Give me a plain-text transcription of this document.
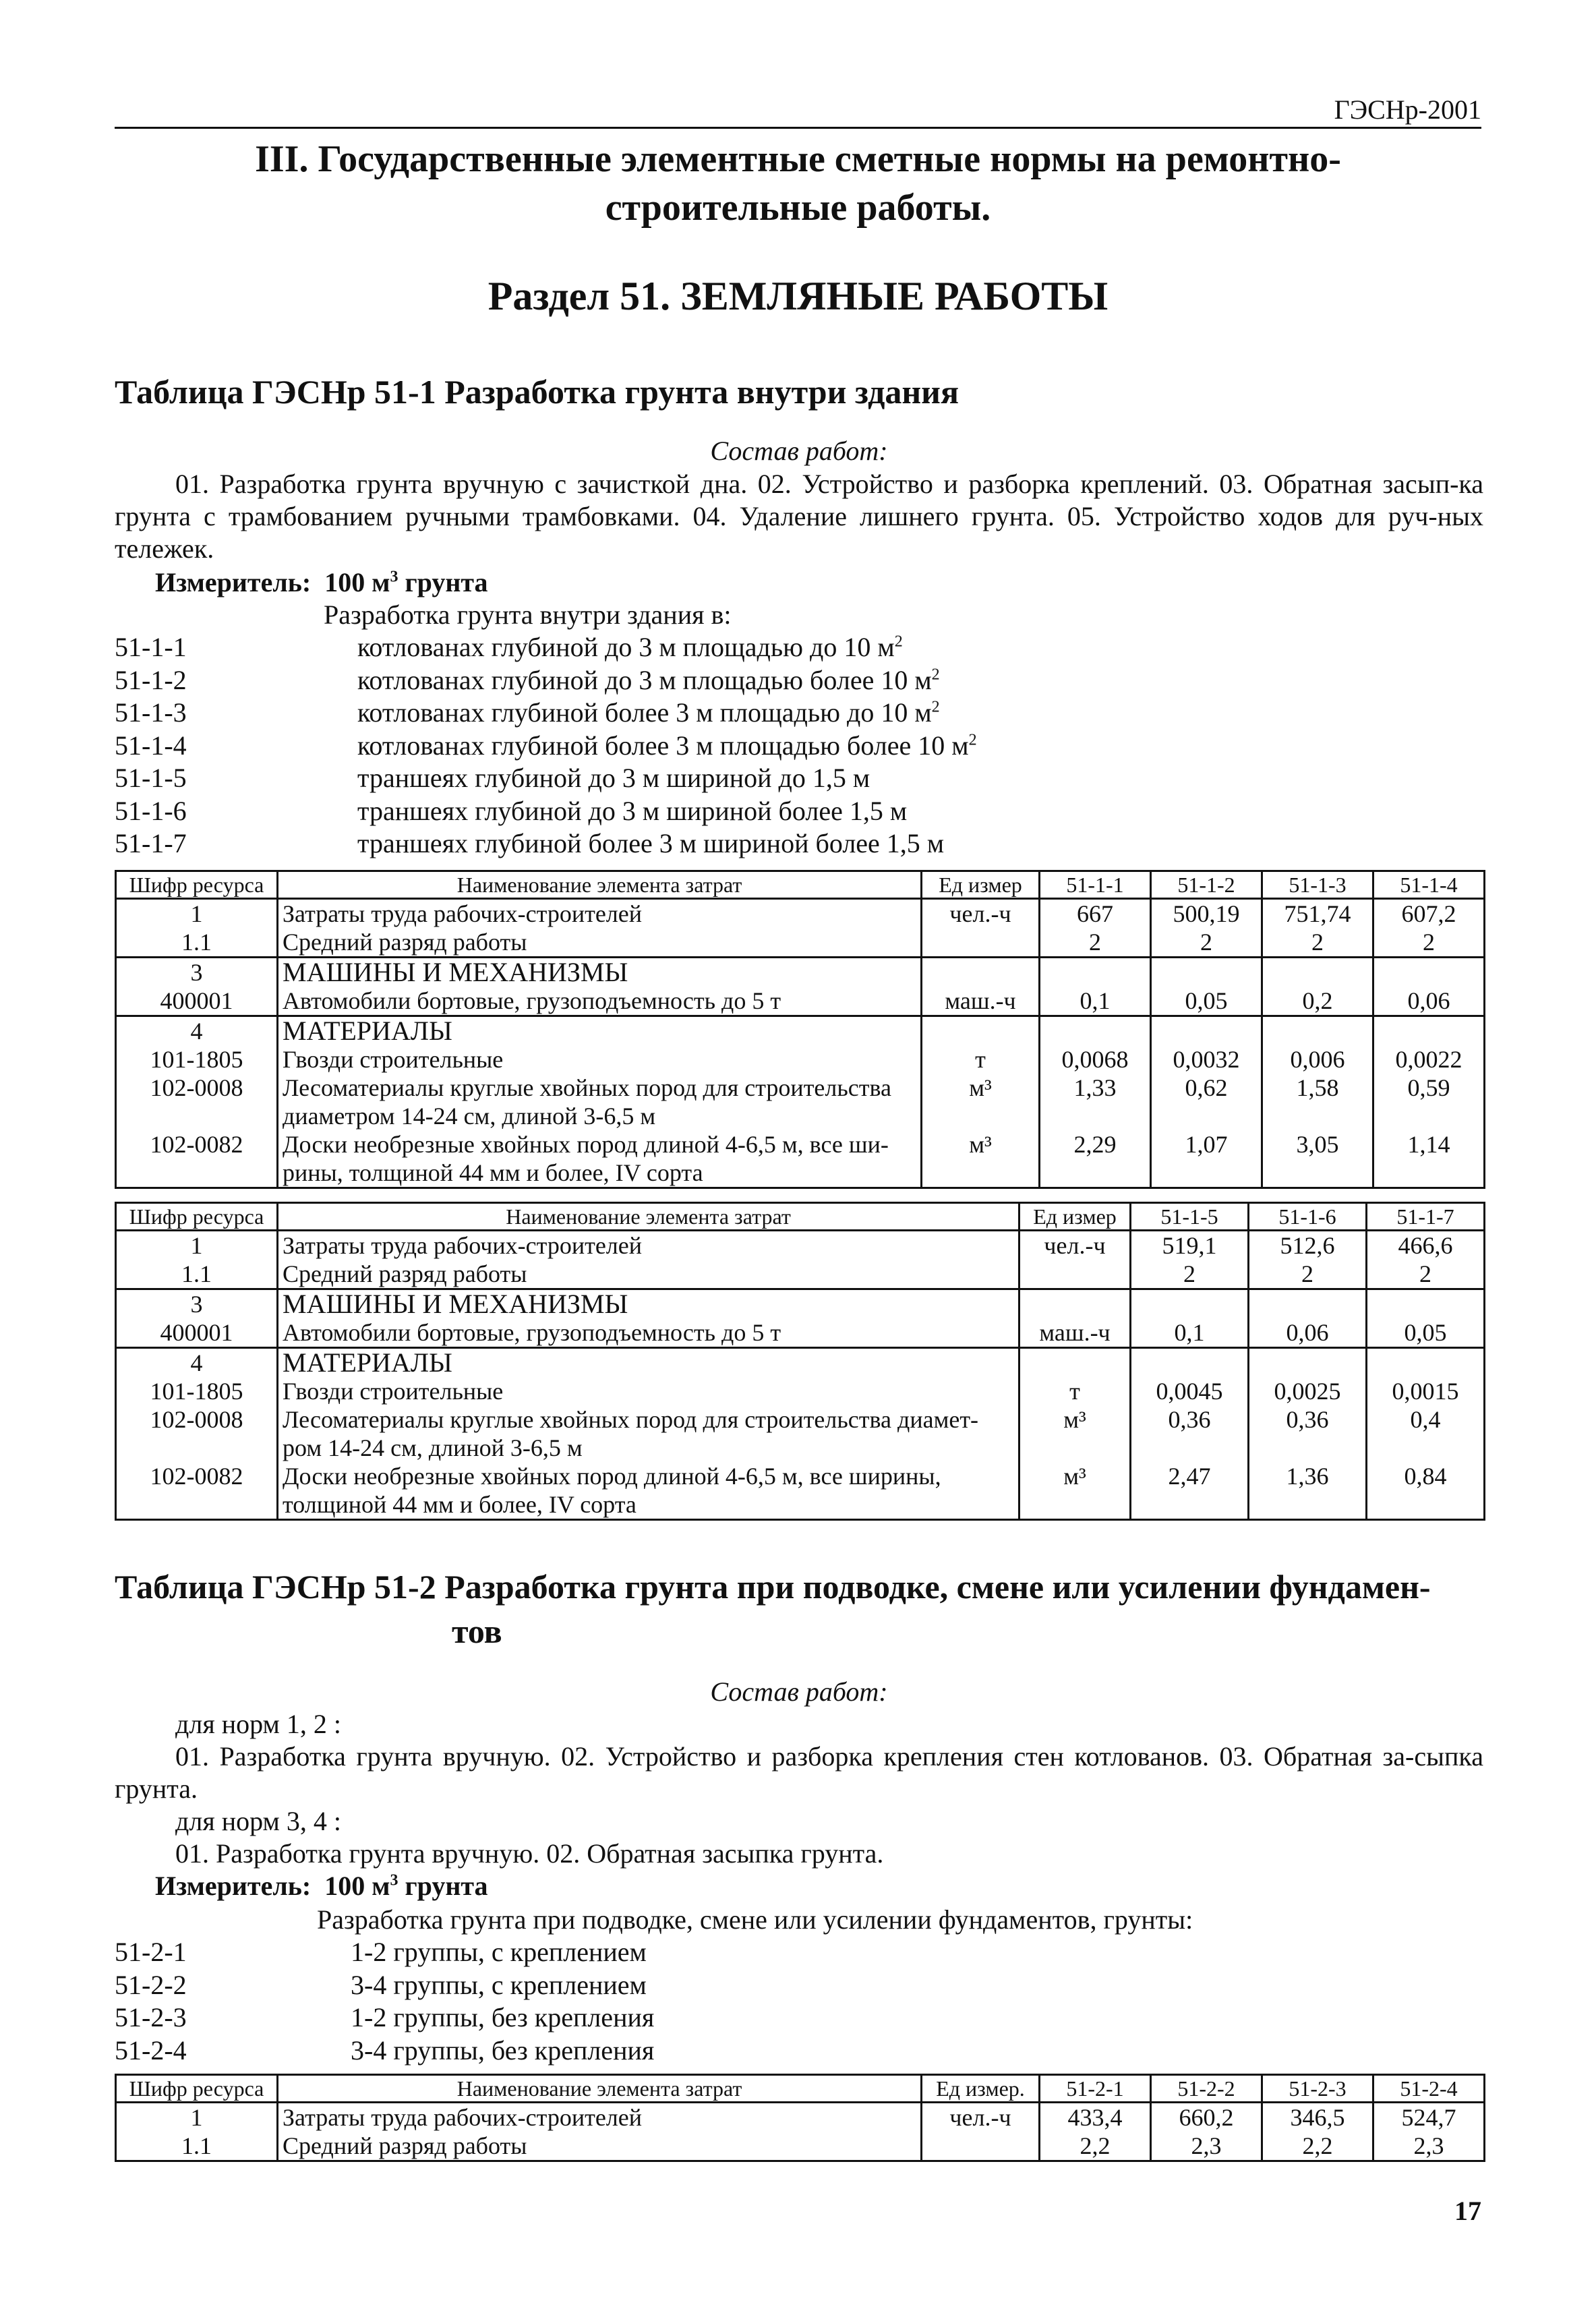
ГЭСНр-2001
III. Государственные элементные сметные нормы на ремонтно-
строительные работы.
Раздел 51. ЗЕМЛЯНЫЕ РАБОТЫ
Таблица ГЭСНр 51-1 Разработка грунта внутри здания
Состав работ:
01. Разработка грунта вручную с зачисткой дна. 02. Устройство и разборка креплений. 03. Обратная засып-ка грунта с трамбованием ручными трамбовками. 04. Удаление лишнего грунта. 05. Устройство ходов для руч-ных тележек.
Измеритель: 100 $м^3$ грунта
Разработка грунта внутри здания в:
51-1-1	котлованах глубиной до 3 м площадью до 10 $м^2$
51-1-2	котлованах глубиной до 3 м площадью более 10 $м^2$
51-1-3	котлованах глубиной более 3 м площадью до 10 $м^2$
51-1-4	котлованах глубиной более 3 м площадью более 10 $м^2$
51-1-5	траншеях глубиной до 3 м шириной до 1,5 м
51-1-6	траншеях глубиной до 3 м шириной более 1,5 м
51-1-7	траншеях глубиной более 3 м шириной более 1,5 м
Шифр ресурса	Наименование элемента затрат	Ед измер	51-1-1	51-1-2	51-1-3	51-1-4
1	Затраты труда рабочих-строителей	чел.-ч	667	500,19	751,74	607,2
1.1	Средний разряд работы		2	2	2	2
3	МАШИНЫ И МЕХАНИЗМЫ					
400001	Автомобили бортовые, грузоподъемность до 5 т	маш.-ч	0,1	0,05	0,2	0,06
4	МАТЕРИАЛЫ					
101-1805	Гвозди строительные	т	0,0068	0,0032	0,006	0,0022
102-0008	Лесоматериалы круглые хвойных пород для строительства диаметром 14-24 см, длиной 3-6,5 м	м³	1,33	0,62	1,58	0,59
102-0082	Доски необрезные хвойных пород длиной 4-6,5 м, все ши-рины, толщиной 44 мм и более, IV сорта	м³	2,29	1,07	3,05	1,14
Шифр ресурса	Наименование элемента затрат	Ед измер	51-1-5	51-1-6	51-1-7
1	Затраты труда рабочих-строителей	чел.-ч	519,1	512,6	466,6
1.1	Средний разряд работы		2	2	2
3	МАШИНЫ И МЕХАНИЗМЫ				
400001	Автомобили бортовые, грузоподъемность до 5 т	маш.-ч	0,1	0,06	0,05
4	МАТЕРИАЛЫ				
101-1805	Гвозди строительные	т	0,0045	0,0025	0,0015
102-0008	Лесоматериалы круглые хвойных пород для строительства диамет-ром 14-24 см, длиной 3-6,5 м	м³	0,36	0,36	0,4
102-0082	Доски необрезные хвойных пород длиной 4-6,5 м, все ширины, толщиной 44 мм и более, IV сорта	м³	2,47	1,36	0,84
Таблица ГЭСНр 51-2 Разработка грунта при подводке, смене или усилении фундамен-
тов
Состав работ:
для норм 1, 2 :
01. Разработка грунта вручную. 02. Устройство и разборка крепления стен котлованов. 03. Обратная за-сыпка грунта.
для норм 3, 4 :
01. Разработка грунта вручную. 02. Обратная засыпка грунта.
Измеритель: 100 $м^3$ грунта
Разработка грунта при подводке, смене или усилении фундаментов, грунты:
51-2-1	1-2 группы, с креплением
51-2-2	3-4 группы, с креплением
51-2-3	1-2 группы, без крепления
51-2-4	3-4 группы, без крепления
Шифр ресурса	Наименование элемента затрат	Ед измер.	51-2-1	51-2-2	51-2-3	51-2-4
1	Затраты труда рабочих-строителей	чел.-ч	433,4	660,2	346,5	524,7
1.1	Средний разряд работы		2,2	2,3	2,2	2,3
17
